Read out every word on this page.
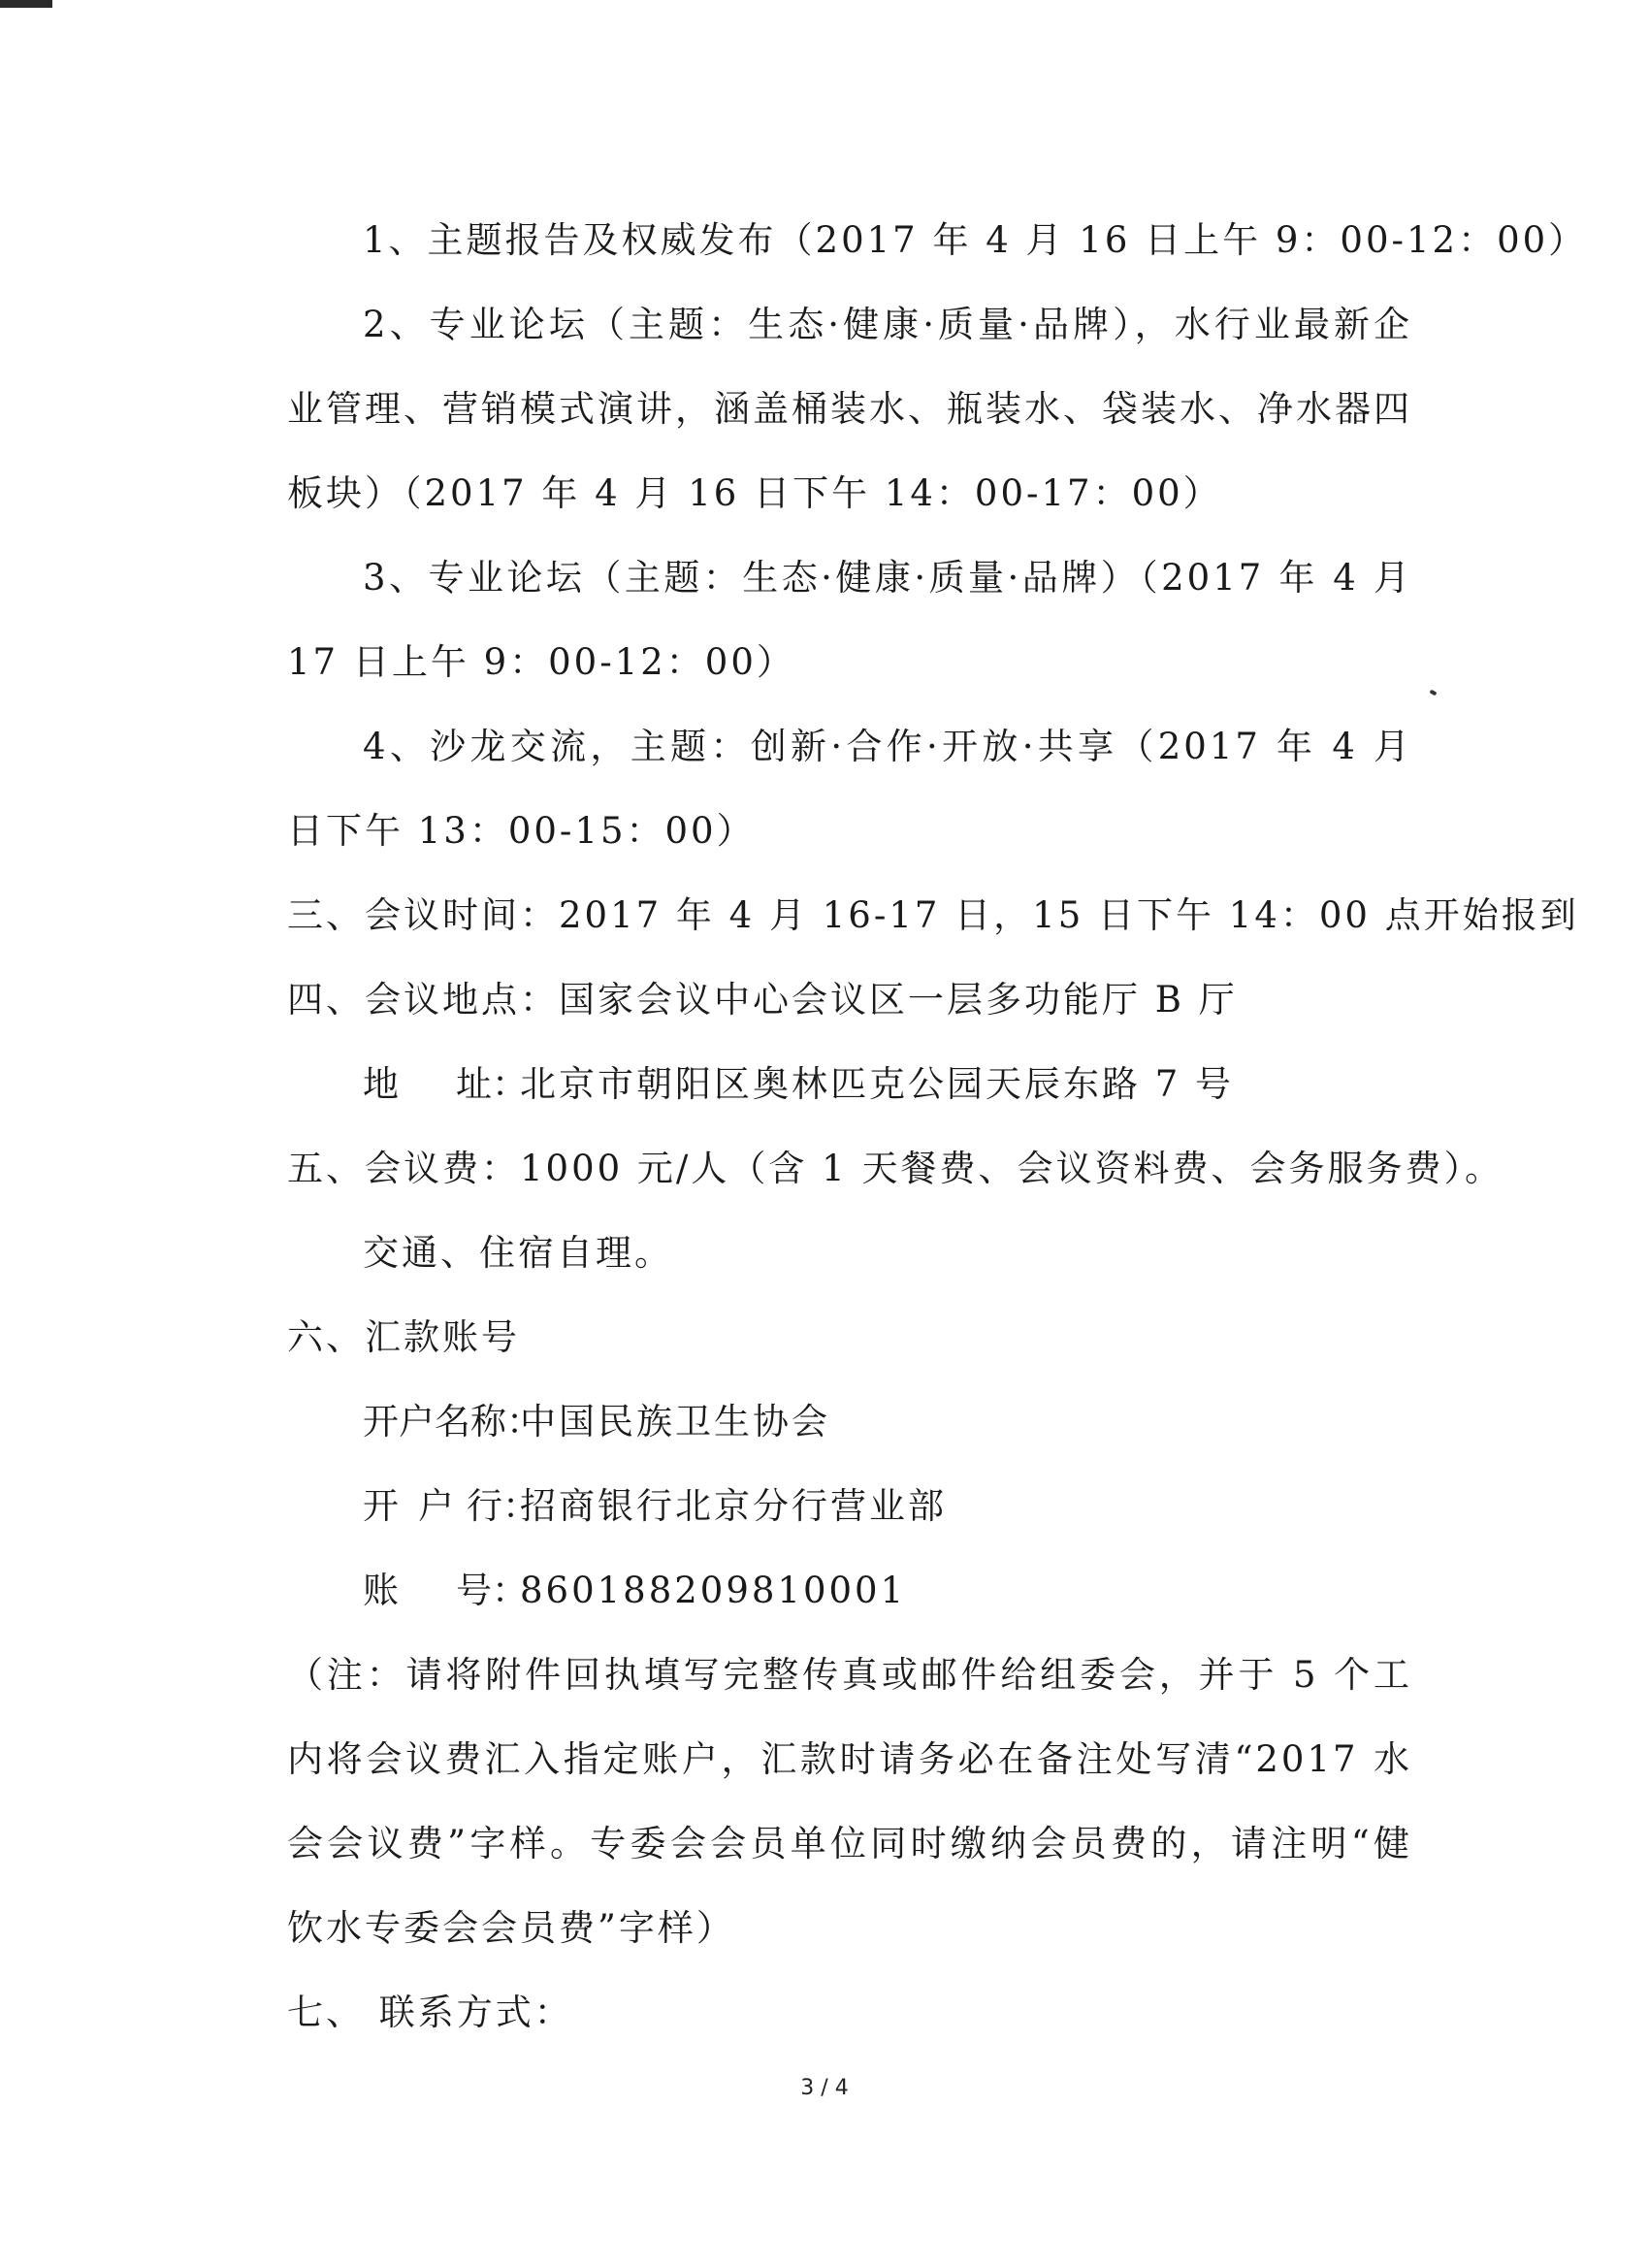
1、主题报告及权威发布（2017 年 4 月 16 日上午 9：00-12：00）
2、专业论坛（主题：生态·健康·质量·品牌），水行业最新企
业管理、营销模式演讲，涵盖桶装水、瓶装水、袋装水、净水器四
板块）（2017 年 4 月 16 日下午 14：00-17：00）
3、专业论坛（主题：生态·健康·质量·品牌）（2017 年 4 月
17 日上午 9：00-12：00）
4、沙龙交流，主题：创新·合作·开放·共享（2017 年 4 月
日下午 13：00-15：00）
三、会议时间：2017 年 4 月 16-17 日，15 日下午 14：00 点开始报到
四、会议地点：国家会议中心会议区一层多功能厅 B 厅
地 址：北京市朝阳区奥林匹克公园天辰东路 7 号
五、会议费：1000 元/人（含 1 天餐费、会议资料费、会务服务费）。
交通、住宿自理。
六、汇款账号
开户名称：中国民族卫生协会
开 户 行：招商银行北京分行营业部
账 号：860188209810001
（注：请将附件回执填写完整传真或邮件给组委会，并于 5 个工
内将会议费汇入指定账户，汇款时请务必在备注处写清“2017 水
会会议费”字样。专委会会员单位同时缴纳会员费的，请注明“健
饮水专委会会员费”字样）
七、 联系方式：
3 / 4
